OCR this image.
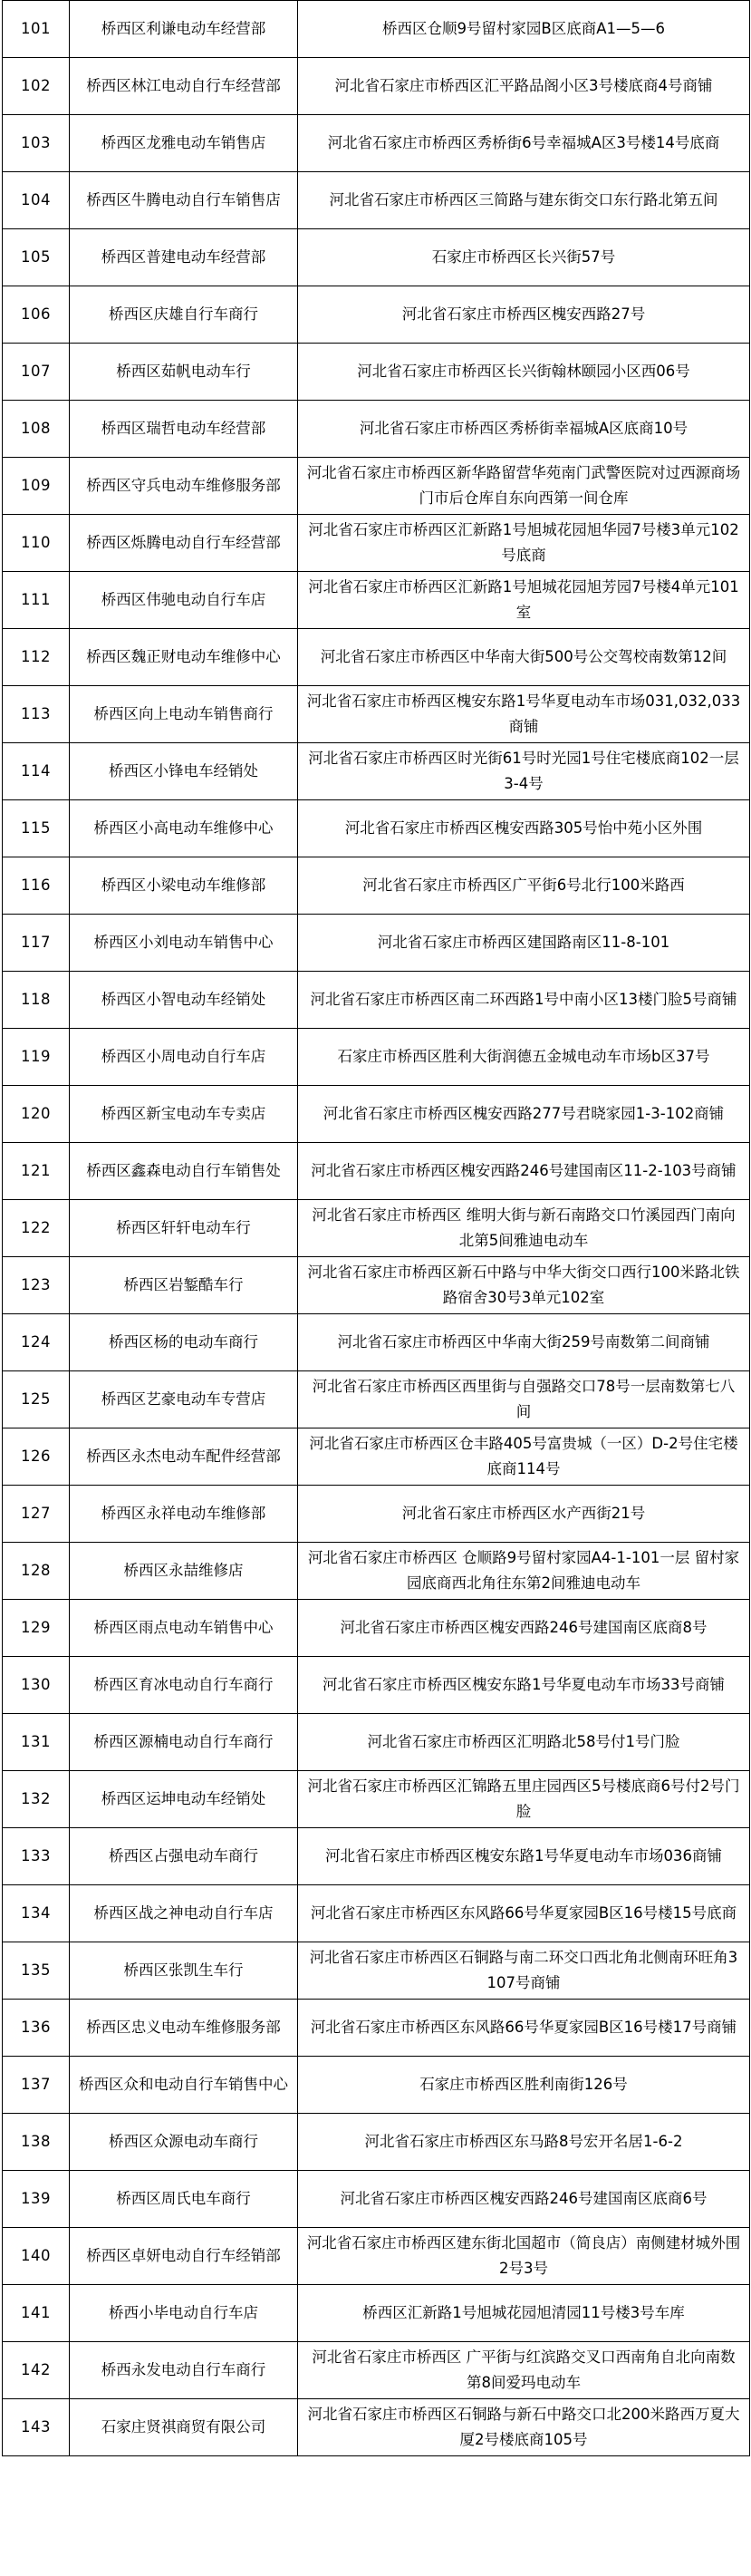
101	桥西区利谦电动车经营部	桥西区仓顺9号留村家园B区底商A1—5—6
102	桥西区林江电动自行车经营部	河北省石家庄市桥西区汇平路品阁小区3号楼底商4号商铺
103	桥西区龙雅电动车销售店	河北省石家庄市桥西区秀桥街6号幸福城A区3号楼14号底商
104	桥西区牛腾电动自行车销售店	河北省石家庄市桥西区三简路与建东街交口东行路北第五间
105	桥西区普建电动车经营部	石家庄市桥西区长兴街57号
106	桥西区庆雄自行车商行	河北省石家庄市桥西区槐安西路27号
107	桥西区茹帆电动车行	河北省石家庄市桥西区长兴街翰林颐园小区西06号
108	桥西区瑞哲电动车经营部	河北省石家庄市桥西区秀桥街幸福城A区底商10号
109	桥西区守兵电动车维修服务部	河北省石家庄市桥西区新华路留营华苑南门武警医院对过西源商场门市后仓库自东向西第一间仓库
110	桥西区烁腾电动自行车经营部	河北省石家庄市桥西区汇新路1号旭城花园旭华园7号楼3单元102号底商
111	桥西区伟驰电动自行车店	河北省石家庄市桥西区汇新路1号旭城花园旭芳园7号楼4单元101室
112	桥西区魏正财电动车维修中心	河北省石家庄市桥西区中华南大街500号公交驾校南数第12间
113	桥西区向上电动车销售商行	河北省石家庄市桥西区槐安东路1号华夏电动车市场031,032,033商铺
114	桥西区小锋电车经销处	河北省石家庄市桥西区时光街61号时光园1号住宅楼底商102一层3-4号
115	桥西区小高电动车维修中心	河北省石家庄市桥西区槐安西路305号怡中苑小区外围
116	桥西区小梁电动车维修部	河北省石家庄市桥西区广平街6号北行100米路西
117	桥西区小刘电动车销售中心	河北省石家庄市桥西区建国路南区11-8-101
118	桥西区小智电动车经销处	河北省石家庄市桥西区南二环西路1号中南小区13楼门脸5号商铺
119	桥西区小周电动自行车店	石家庄市桥西区胜利大街润德五金城电动车市场b区37号
120	桥西区新宝电动车专卖店	河北省石家庄市桥西区槐安西路277号君晓家园1-3-102商铺
121	桥西区鑫森电动自行车销售处	河北省石家庄市桥西区槐安西路246号建国南区11-2-103号商铺
122	桥西区轩轩电动车行	河北省石家庄市桥西区 维明大街与新石南路交口竹溪园西门南向北第5间雅迪电动车
123	桥西区岩錾酷车行	河北省石家庄市桥西区新石中路与中华大街交口西行100米路北铁路宿舍30号3单元102室
124	桥西区杨的电动车商行	河北省石家庄市桥西区中华南大街259号南数第二间商铺
125	桥西区艺豪电动车专营店	河北省石家庄市桥西区西里街与自强路交口78号一层南数第七八间
126	桥西区永杰电动车配件经营部	河北省石家庄市桥西区仓丰路405号富贵城（一区）D-2号住宅楼底商114号
127	桥西区永祥电动车维修部	河北省石家庄市桥西区水产西街21号
128	桥西区永喆维修店	河北省石家庄市桥西区 仓顺路9号留村家园A4-1-101一层 留村家园底商西北角往东第2间雅迪电动车
129	桥西区雨点电动车销售中心	河北省石家庄市桥西区槐安西路246号建国南区底商8号
130	桥西区育冰电动自行车商行	河北省石家庄市桥西区槐安东路1号华夏电动车市场33号商铺
131	桥西区源楠电动自行车商行	河北省石家庄市桥西区汇明路北58号付1号门脸
132	桥西区运坤电动车经销处	河北省石家庄市桥西区汇锦路五里庄园西区5号楼底商6号付2号门脸
133	桥西区占强电动车商行	河北省石家庄市桥西区槐安东路1号华夏电动车市场036商铺
134	桥西区战之神电动自行车店	河北省石家庄市桥西区东风路66号华夏家园B区16号楼15号底商
135	桥西区张凯生车行	河北省石家庄市桥西区石铜路与南二环交口西北角北侧南环旺角3107号商铺
136	桥西区忠义电动车维修服务部	河北省石家庄市桥西区东风路66号华夏家园B区16号楼17号商铺
137	桥西区众和电动自行车销售中心	石家庄市桥西区胜利南街126号
138	桥西区众源电动车商行	河北省石家庄市桥西区东马路8号宏开名居1-6-2
139	桥西区周氏电车商行	河北省石家庄市桥西区槐安西路246号建国南区底商6号
140	桥西区卓妍电动自行车经销部	河北省石家庄市桥西区建东街北国超市（简良店）南侧建材城外围2号3号
141	桥西小毕电动自行车店	桥西区汇新路1号旭城花园旭清园11号楼3号车库
142	桥西永发电动自行车商行	河北省石家庄市桥西区 广平街与红滨路交叉口西南角自北向南数第8间爱玛电动车
143	石家庄贤祺商贸有限公司	河北省石家庄市桥西区石铜路与新石中路交口北200米路西万夏大厦2号楼底商105号
